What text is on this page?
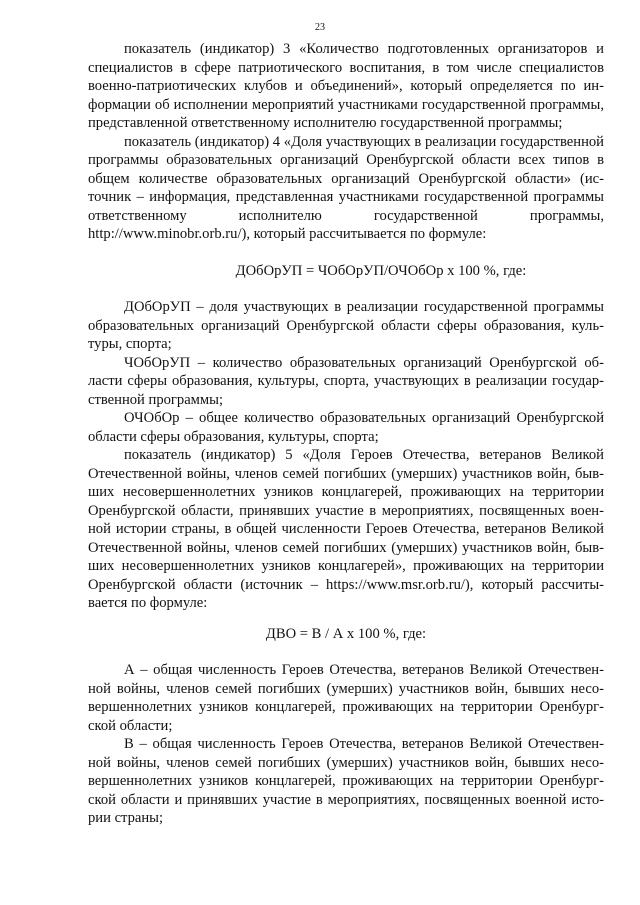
23

показатель (индикатор) 3 «Количество подготовленных организаторов и специалистов в сфере патриотического воспитания, в том числе специалистов военно-патриотических клубов и объединений», который определяется по информации об исполнении мероприятий участниками государственной программы, представленной ответственному исполнителю государственной программы;

показатель (индикатор) 4 «Доля участвующих в реализации государственной программы образовательных организаций Оренбургской области всех типов в общем количестве образовательных организаций Оренбургской области» (источник – информация, представленная участниками государственной программы ответственному исполнителю государственной программы, http://www.minobr.orb.ru/), который рассчитывается по формуле:

ДОбОрУП = ЧОбОрУП/ОЧОбОр х 100 %, где:

ДОбОрУП – доля участвующих в реализации государственной программы образовательных организаций Оренбургской области сферы образования, культуры, спорта;

ЧОбОрУП – количество образовательных организаций Оренбургской области сферы образования, культуры, спорта, участвующих в реализации государственной программы;

ОЧОбОр – общее количество образовательных организаций Оренбургской области сферы образования, культуры, спорта;

показатель (индикатор) 5 «Доля Героев Отечества, ветеранов Великой Отечественной войны, членов семей погибших (умерших) участников войн, бывших несовершеннолетних узников концлагерей, проживающих на территории Оренбургской области, принявших участие в мероприятиях, посвященных военной истории страны, в общей численности Героев Отечества, ветеранов Великой Отечественной войны, членов семей погибших (умерших) участников войн, бывших несовершеннолетних узников концлагерей», проживающих на территории Оренбургской области (источник – https://www.msr.orb.ru/), который рассчитывается по формуле:

ДВО = В / А х 100 %, где:

А – общая численность Героев Отечества, ветеранов Великой Отечественной войны, членов семей погибших (умерших) участников войн, бывших несовершеннолетних узников концлагерей, проживающих на территории Оренбургской области;

В – общая численность Героев Отечества, ветеранов Великой Отечественной войны, членов семей погибших (умерших) участников войн, бывших несовершеннолетних узников концлагерей, проживающих на территории Оренбургской области и принявших участие в мероприятиях, посвященных военной истории страны;
